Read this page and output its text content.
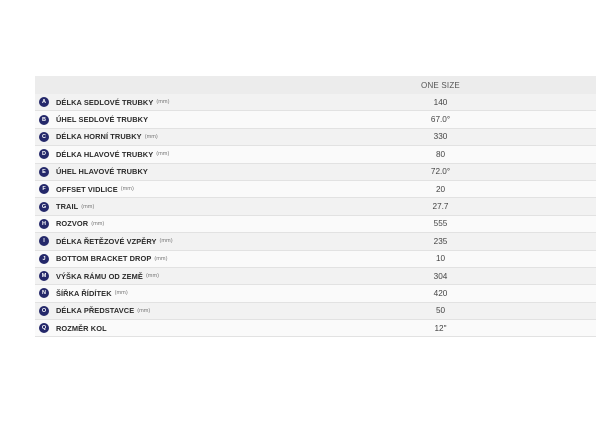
ONE SIZE
A	DÉLKA SEDLOVÉ TRUBKY (mm)	140
B	ÚHEL SEDLOVÉ TRUBKY	67.0°
C	DÉLKA HORNÍ TRUBKY (mm)	330
D	DÉLKA HLAVOVÉ TRUBKY (mm)	80
E	ÚHEL HLAVOVÉ TRUBKY	72.0°
F	OFFSET VIDLICE (mm)	20
G	TRAIL (mm)	27.7
H	ROZVOR (mm)	555
I	DÉLKA ŘETĚZOVÉ VZPĚRY (mm)	235
J	BOTTOM BRACKET DROP (mm)	10
M	VÝŠKA RÁMU OD ZEMĚ (mm)	304
N	ŠÍŘKA ŘÍDÍTEK (mm)	420
O	DÉLKA PŘEDSTAVCE (mm)	50
Q	ROZMĚR KOL	12"
